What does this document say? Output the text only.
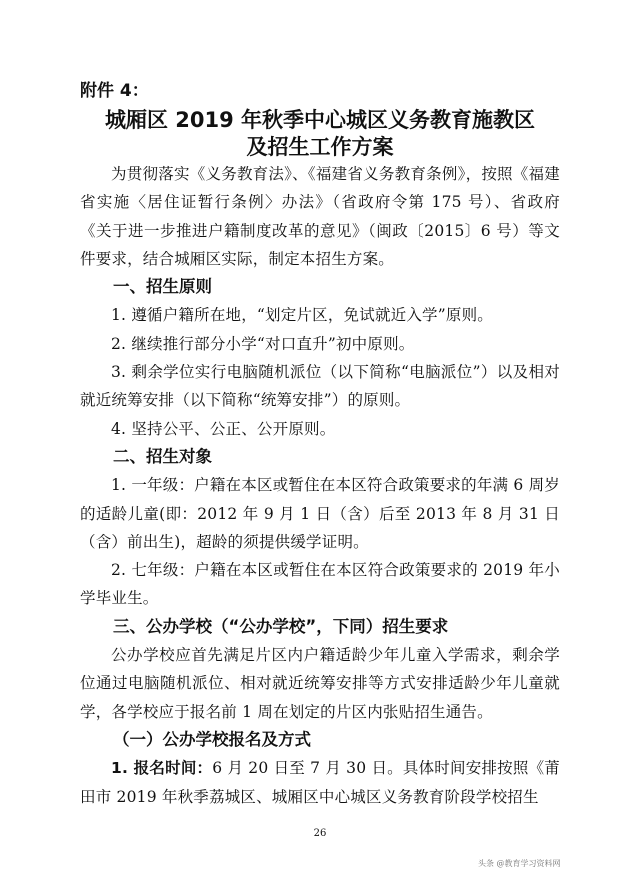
附件 4：
城厢区 2019 年秋季中心城区义务教育施教区
及招生工作方案

为贯彻落实《义务教育法》、《福建省义务教育条例》，按照《福建省实施〈居住证暂行条例〉办法》（省政府令第 175 号）、省政府《关于进一步推进户籍制度改革的意见》（闽政〔2015〕6 号）等文件要求，结合城厢区实际，制定本招生方案。

一、招生原则

1. 遵循户籍所在地，“划定片区，免试就近入学”原则。

2. 继续推行部分小学“对口直升”初中原则。

3. 剩余学位实行电脑随机派位（以下简称“电脑派位”）以及相对就近统筹安排（以下简称“统筹安排”）的原则。

4. 坚持公平、公正、公开原则。

二、招生对象

1. 一年级：户籍在本区或暂住在本区符合政策要求的年满 6 周岁的适龄儿童(即：2012 年 9 月 1 日（含）后至 2013 年 8 月 31 日（含）前出生)，超龄的须提供缓学证明。

2. 七年级：户籍在本区或暂住在本区符合政策要求的 2019 年小学毕业生。

三、公办学校（“公办学校”，下同）招生要求

公办学校应首先满足片区内户籍适龄少年儿童入学需求，剩余学位通过电脑随机派位、相对就近统筹安排等方式安排适龄少年儿童就学，各学校应于报名前 1 周在划定的片区内张贴招生通告。

（一）公办学校报名及方式

1. 报名时间：6 月 20 日至 7 月 30 日。具体时间安排按照《莆田市 2019 年秋季荔城区、城厢区中心城区义务教育阶段学校招生

26
头条 @教育学习资料网
